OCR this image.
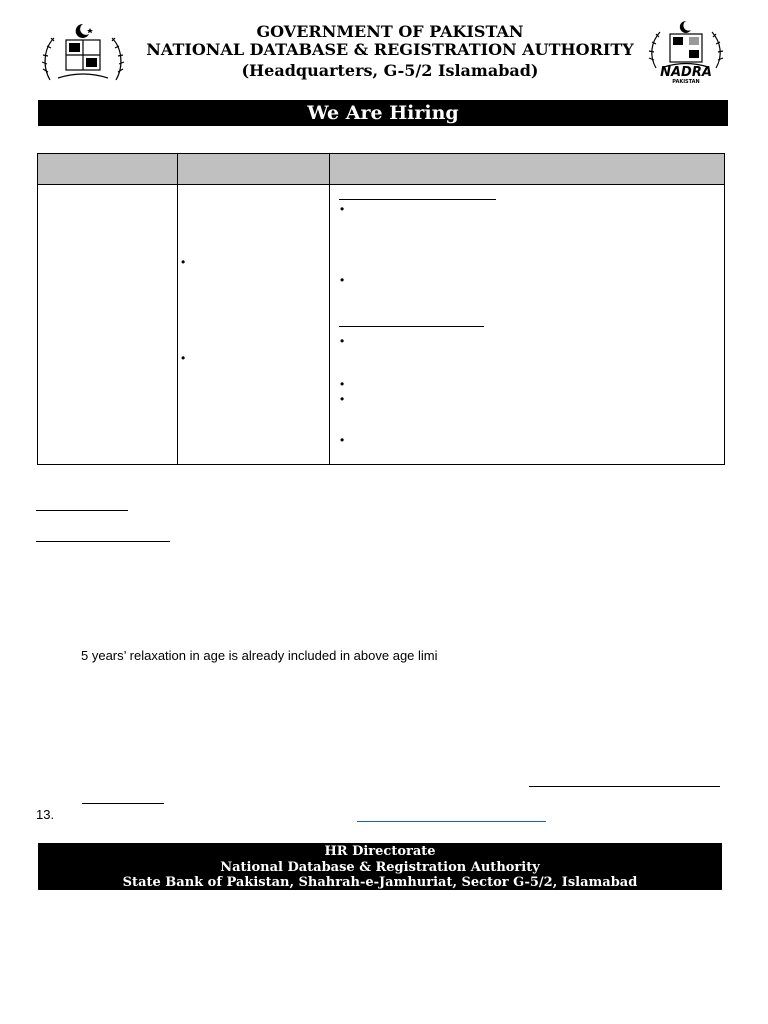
NADRA
PAKISTAN
GOVERNMENT OF PAKISTAN
NATIONAL DATABASE & REGISTRATION AUTHORITY
(Headquarters, G-5/2 Islamabad)
We Are Hiring
•
•
•
•
•
•
•
•
5 years’ relaxation in age is already included in above age limi
13.
HR Directorate
National Database & Registration Authority
State Bank of Pakistan, Shahrah-e-Jamhuriat, Sector G-5/2, Islamabad
